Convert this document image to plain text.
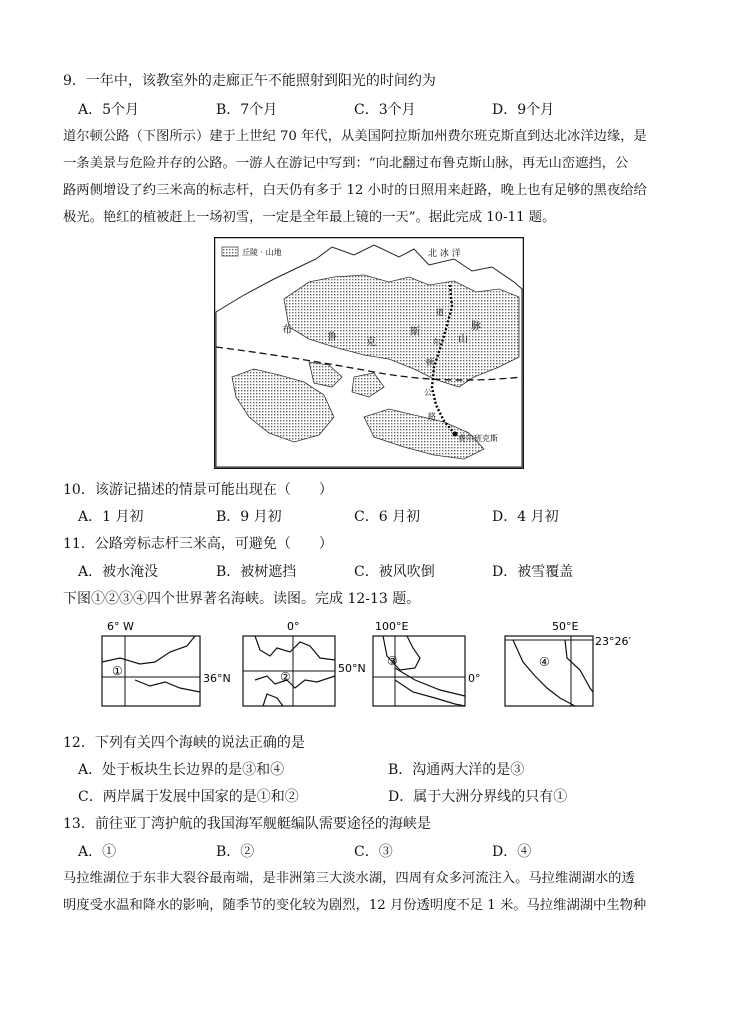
9．一年中，该教室外的走廊正午不能照射到阳光的时间约为
A．5个月	B．7个月	C．3个月	D．9个月
道尔顿公路（下图所示）建于上世纪 70 年代，从美国阿拉斯加州费尔班克斯直到达北冰洋边缘，是
一条美景与危险并存的公路。一游人在游记中写到：“向北翻过布鲁克斯山脉，再无山峦遮挡，公
路两侧增设了约三米高的标志杆，白天仍有多于 12 小时的日照用来赶路，晚上也有足够的黑夜给给
极光。艳红的植被赶上一场初雪，一定是全年最上镜的一天”。据此完成 10-11 题。
丘陵 · 山地	北 冰 洋
布
鲁	克
斯
山
脉
道
尔
顿
公
路
费尔班克斯
10．该游记描述的情景可能出现在（　　）
A．1 月初	B．9 月初	C．6 月初	D．4 月初
11．公路旁标志杆三米高，可避免（　　）
A．被水淹没	B．被树遮挡	C．被风吹倒	D．被雪覆盖
下图①②③④四个世界著名海峡。读图。完成 12-13 题。
6° W
①
36°N
0°
②
50°N
100°E
③
0°
50°E
④
23°26′
12．下列有关四个海峡的说法正确的是
A．处于板块生长边界的是③和④	B．沟通两大洋的是③
C．两岸属于发展中国家的是①和②	D．属于大洲分界线的只有①
13．前往亚丁湾护航的我国海军舰艇编队需要途径的海峡是
A．①	B．②	C．③	D．④
马拉维湖位于东非大裂谷最南端，是非洲第三大淡水湖，四周有众多河流注入。马拉维湖湖水的透
明度受水温和降水的影响，随季节的变化较为剧烈，12 月份透明度不足 1 米。马拉维湖湖中生物种
